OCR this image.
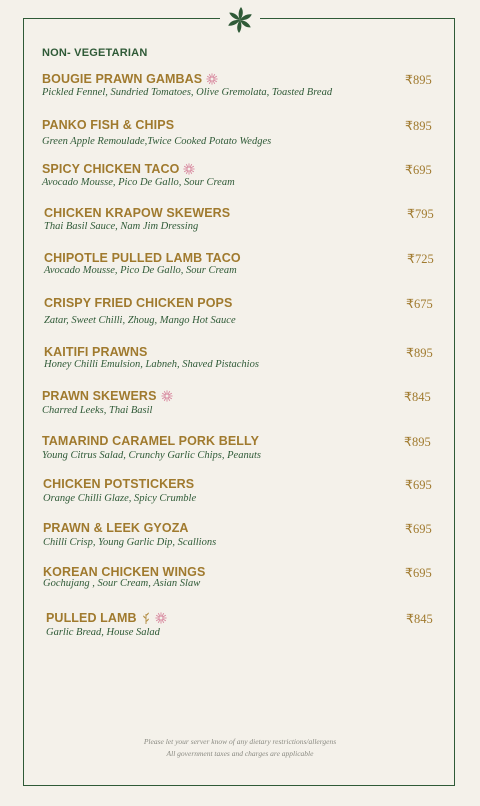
NON- VEGETARIAN
BOUGIE PRAWN GAMBAS
Pickled Fennel, Sundried Tomatoes, Olive Gremolata, Toasted Bread
₹895
PANKO FISH & CHIPS
Green Apple Remoulade,Twice Cooked Potato Wedges
₹895
SPICY CHICKEN TACO
Avocado Mousse, Pico De Gallo, Sour Cream
₹695
CHICKEN KRAPOW SKEWERS
Thai Basil Sauce, Nam Jim Dressing
₹795
CHIPOTLE PULLED LAMB TACO
Avocado Mousse, Pico De Gallo, Sour Cream
₹725
CRISPY FRIED CHICKEN POPS
Zatar, Sweet Chilli, Zhoug, Mango Hot Sauce
₹675
KAITIFI PRAWNS
Honey Chilli Emulsion, Labneh, Shaved Pistachios
₹895
PRAWN SKEWERS
Charred Leeks, Thai Basil
₹845
TAMARIND CARAMEL PORK BELLY
Young Citrus Salad, Crunchy Garlic Chips, Peanuts
₹895
CHICKEN POTSTICKERS
Orange Chilli Glaze, Spicy Crumble
₹695
PRAWN & LEEK GYOZA
Chilli Crisp, Young Garlic Dip, Scallions
₹695
KOREAN CHICKEN WINGS
Gochujang , Sour Cream, Asian Slaw
₹695
PULLED LAMB
Garlic Bread, House Salad
₹845
Please let your server know of any dietary restrictions/allergens
All government taxes and charges are applicable
